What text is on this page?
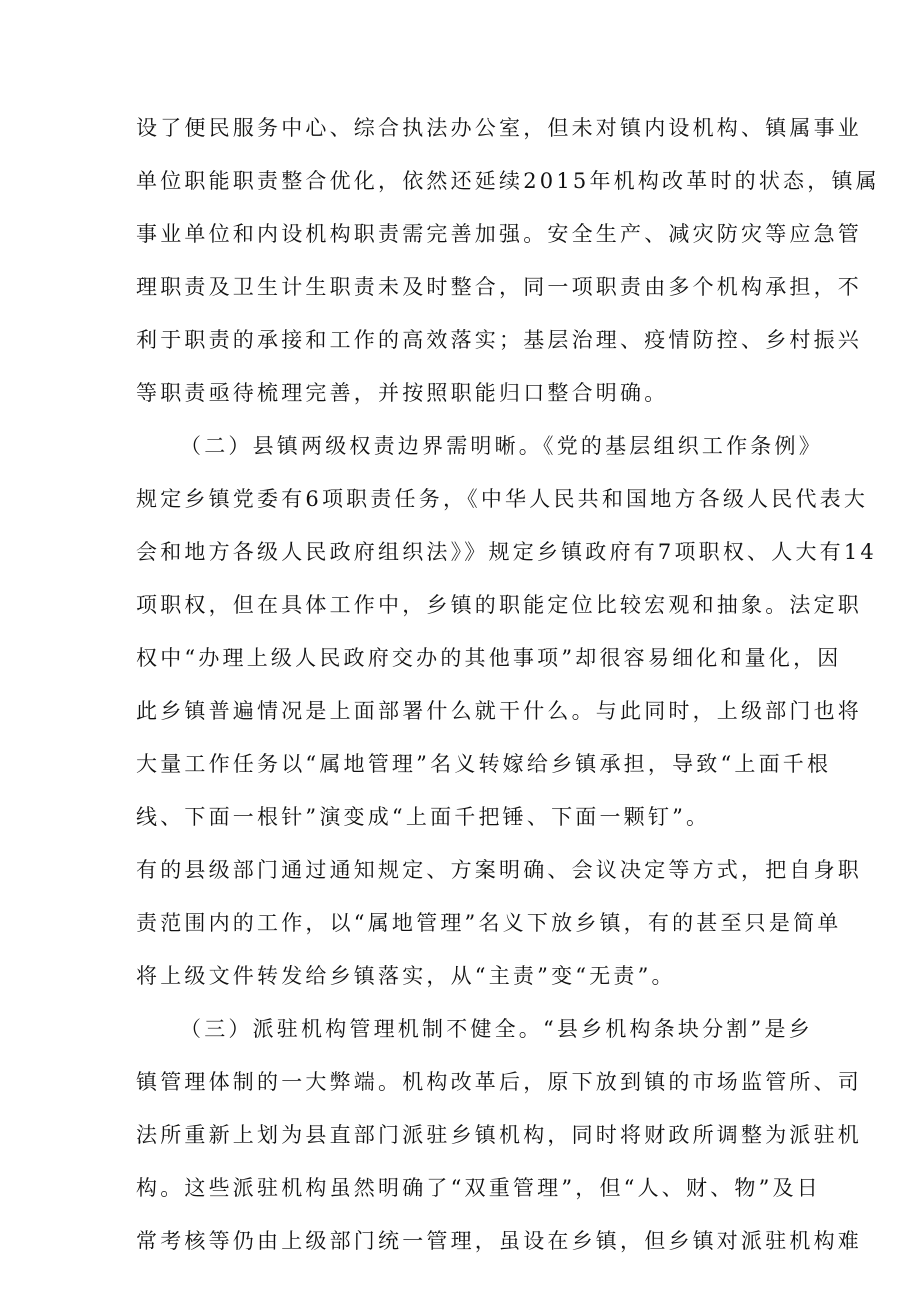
设了便民服务中心、综合执法办公室，但未对镇内设机构、镇属事业
单位职能职责整合优化，依然还延续2015年机构改革时的状态，镇属
事业单位和内设机构职责需完善加强。安全生产、减灾防灾等应急管
理职责及卫生计生职责未及时整合，同一项职责由多个机构承担，不
利于职责的承接和工作的高效落实；基层治理、疫情防控、乡村振兴
等职责亟待梳理完善，并按照职能归口整合明确。
（二）县镇两级权责边界需明晰。《党的基层组织工作条例》
规定乡镇党委有6项职责任务，《中华人民共和国地方各级人民代表大
会和地方各级人民政府组织法》》规定乡镇政府有7项职权、人大有14
项职权，但在具体工作中，乡镇的职能定位比较宏观和抽象。法定职
权中“办理上级人民政府交办的其他事项”却很容易细化和量化，因
此乡镇普遍情况是上面部署什么就干什么。与此同时，上级部门也将
大量工作任务以“属地管理”名义转嫁给乡镇承担，导致“上面千根
线、下面一根针”演变成“上面千把锤、下面一颗钉”。
有的县级部门通过通知规定、方案明确、会议决定等方式，把自身职
责范围内的工作，以“属地管理”名义下放乡镇，有的甚至只是简单
将上级文件转发给乡镇落实，从“主责”变“无责”。
（三）派驻机构管理机制不健全。“县乡机构条块分割”是乡
镇管理体制的一大弊端。机构改革后，原下放到镇的市场监管所、司
法所重新上划为县直部门派驻乡镇机构，同时将财政所调整为派驻机
构。这些派驻机构虽然明确了“双重管理”，但“人、财、物”及日
常考核等仍由上级部门统一管理，虽设在乡镇，但乡镇对派驻机构难
